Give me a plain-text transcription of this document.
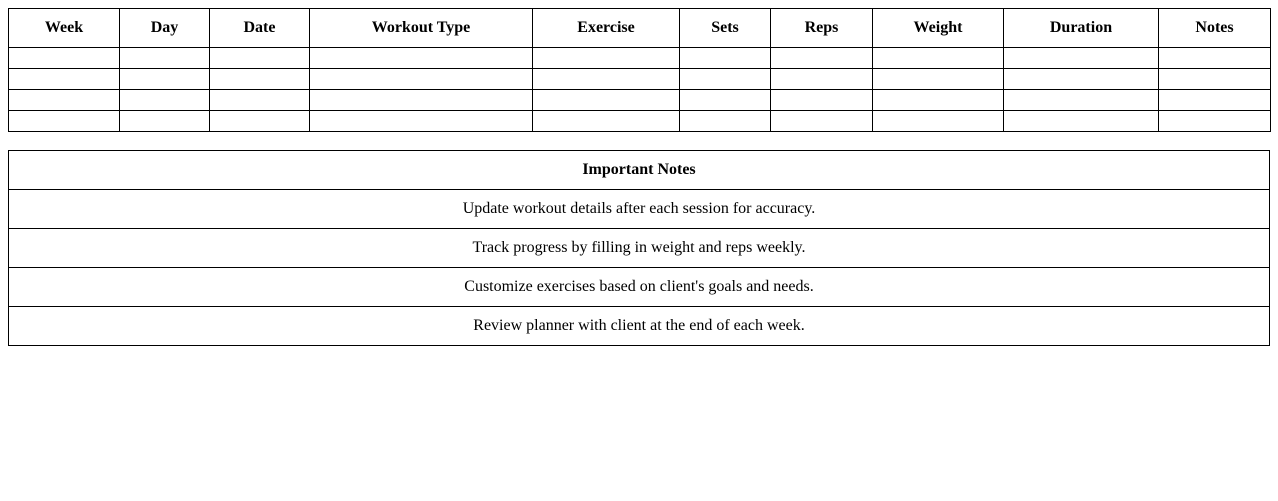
Week	Day	Date	Workout Type	Exercise	Sets	Reps	Weight	Duration	Notes

Important Notes
Update workout details after each session for accuracy.
Track progress by filling in weight and reps weekly.
Customize exercises based on client's goals and needs.
Review planner with client at the end of each week.
